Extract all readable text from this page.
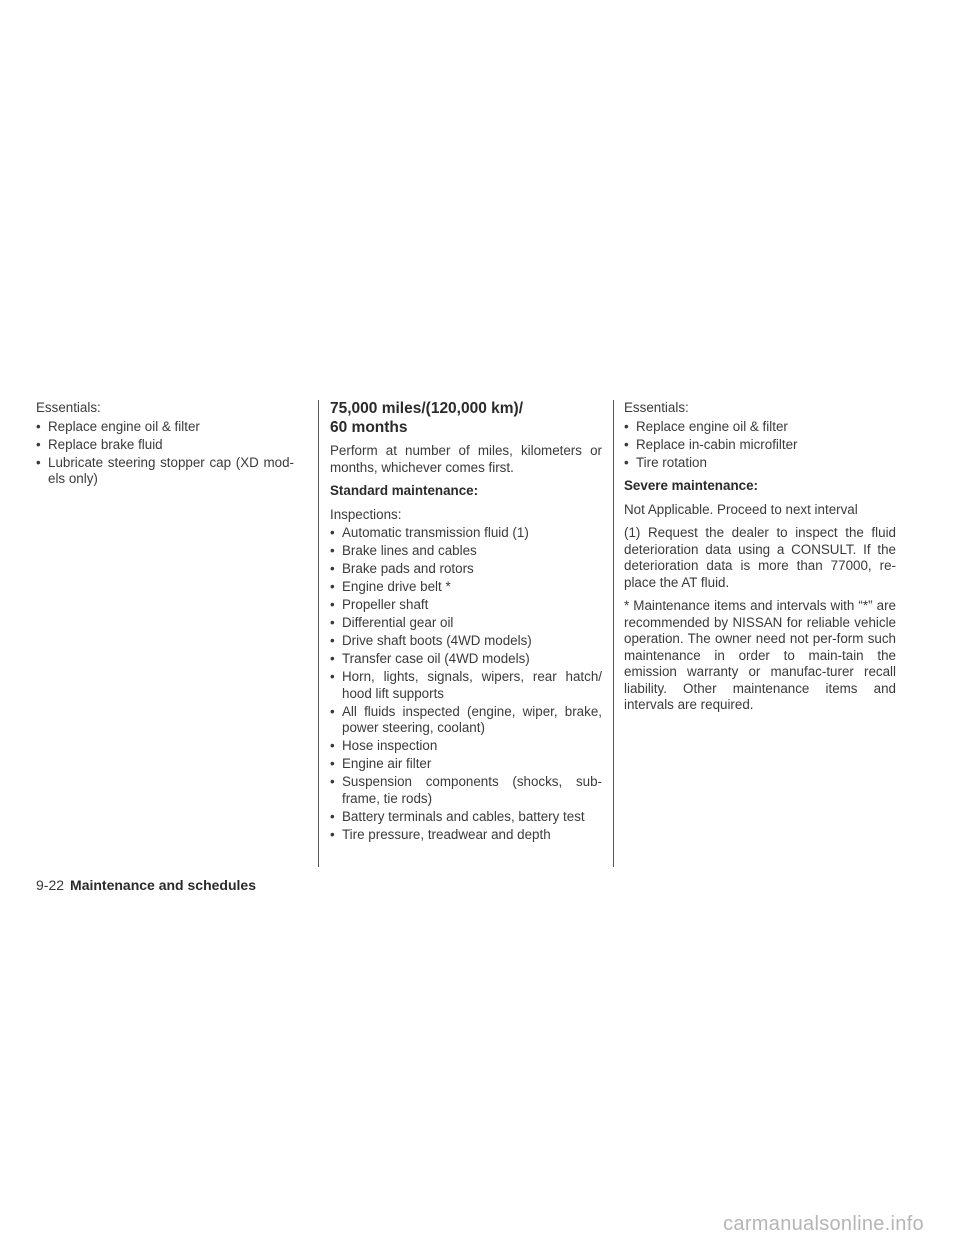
Essentials:

• Replace engine oil & filter
• Replace brake fluid
• Lubricate steering stopper cap (XD mod-els only)
75,000 miles/(120,000 km)/
60 months

Perform at number of miles, kilometers or months, whichever comes first.

Standard maintenance:

Inspections:

• Automatic transmission fluid (1)
• Brake lines and cables
• Brake pads and rotors
• Engine drive belt *
• Propeller shaft
• Differential gear oil
• Drive shaft boots (4WD models)
• Transfer case oil (4WD models)
• Horn, lights, signals, wipers, rear hatch/ hood lift supports
• All fluids inspected (engine, wiper, brake, power steering, coolant)
• Hose inspection
• Engine air filter
• Suspension components (shocks, sub-frame, tie rods)
• Battery terminals and cables, battery test
• Tire pressure, treadwear and depth

Essentials:

• Replace engine oil & filter
• Replace in-cabin microfilter
• Tire rotation

Severe maintenance:

Not Applicable. Proceed to next interval

(1) Request the dealer to inspect the fluid deterioration data using a CONSULT. If the deterioration data is more than 77000, re-place the AT fluid.

* Maintenance items and intervals with “*” are recommended by NISSAN for reliable vehicle operation. The owner need not per-form such maintenance in order to main-tain the emission warranty or manufac-turer recall liability. Other maintenance items and intervals are required.

9-22 Maintenance and schedules
carmanualsonline.info
